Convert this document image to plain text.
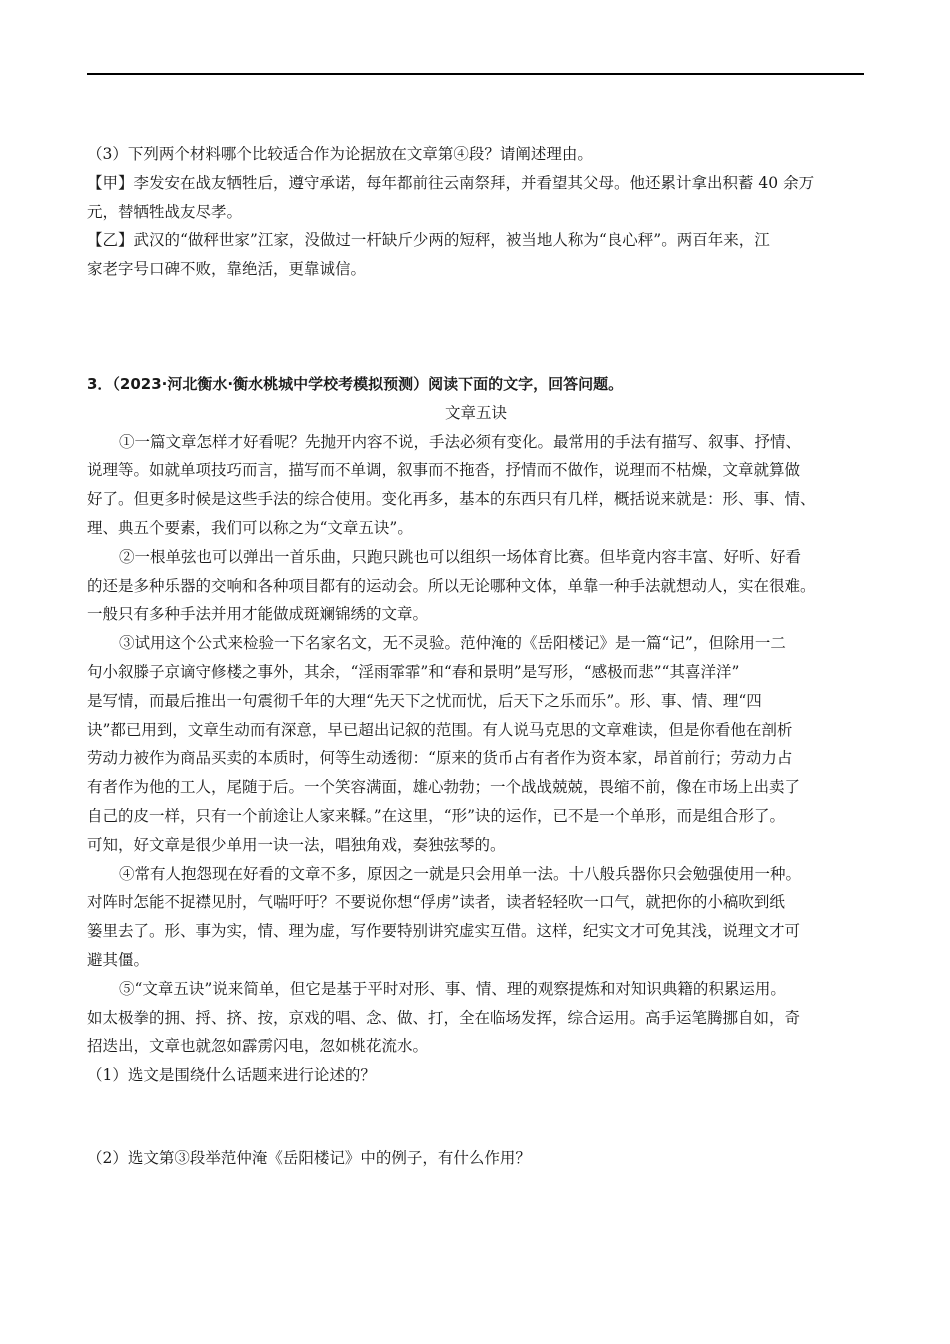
（3）下列两个材料哪个比较适合作为论据放在文章第④段？请阐述理由。

【甲】李发安在战友牺牲后，遵守承诺，每年都前往云南祭拜，并看望其父母。他还累计拿出积蓄 40 余万

元，替牺牲战友尽孝。

【乙】武汉的“做秤世家”江家，没做过一杆缺斤少两的短秤，被当地人称为“良心秤”。两百年来，江

家老字号口碑不败，靠绝活，更靠诚信。

3．（2023·河北衡水·衡水桃城中学校考模拟预测）阅读下面的文字，回答问题。
文章五诀

①一篇文章怎样才好看呢？先抛开内容不说，手法必须有变化。最常用的手法有描写、叙事、抒情、

说理等。如就单项技巧而言，描写而不单调，叙事而不拖沓，抒情而不做作，说理而不枯燥，文章就算做

好了。但更多时候是这些手法的综合使用。变化再多，基本的东西只有几样，概括说来就是：形、事、情、

理、典五个要素，我们可以称之为“文章五诀”。

②一根单弦也可以弹出一首乐曲，只跑只跳也可以组织一场体育比赛。但毕竟内容丰富、好听、好看

的还是多种乐器的交响和各种项目都有的运动会。所以无论哪种文体，单靠一种手法就想动人，实在很难。

一般只有多种手法并用才能做成斑斓锦绣的文章。

③试用这个公式来检验一下名家名文，无不灵验。范仲淹的《岳阳楼记》是一篇“记”，但除用一二

句小叙滕子京谪守修楼之事外，其余，“淫雨霏霏”和“春和景明”是写形，“感极而悲”“其喜洋洋”

是写情，而最后推出一句震彻千年的大理“先天下之忧而忧，后天下之乐而乐”。形、事、情、理“四

诀”都已用到，文章生动而有深意，早已超出记叙的范围。有人说马克思的文章难读，但是你看他在剖析

劳动力被作为商品买卖的本质时，何等生动透彻：“原来的货币占有者作为资本家，昂首前行；劳动力占

有者作为他的工人，尾随于后。一个笑容满面，雄心勃勃；一个战战兢兢，畏缩不前，像在市场上出卖了

自己的皮一样，只有一个前途让人家来鞣。”在这里，“形”诀的运作，已不是一个单形，而是组合形了。

可知，好文章是很少单用一诀一法，唱独角戏，奏独弦琴的。

④常有人抱怨现在好看的文章不多，原因之一就是只会用单一法。十八般兵器你只会勉强使用一种。

对阵时怎能不捉襟见肘，气喘吁吁？不要说你想“俘虏”读者，读者轻轻吹一口气，就把你的小稿吹到纸

篓里去了。形、事为实，情、理为虚，写作要特别讲究虚实互借。这样，纪实文才可免其浅，说理文才可

避其僵。

⑤“文章五诀”说来简单，但它是基于平时对形、事、情、理的观察提炼和对知识典籍的积累运用。

如太极拳的拥、捋、挤、按，京戏的唱、念、做、打，全在临场发挥，综合运用。高手运笔腾挪自如，奇

招迭出，文章也就忽如霹雳闪电，忽如桃花流水。

（1）选文是围绕什么话题来进行论述的？

（2）选文第③段举范仲淹《岳阳楼记》中的例子，有什么作用？
